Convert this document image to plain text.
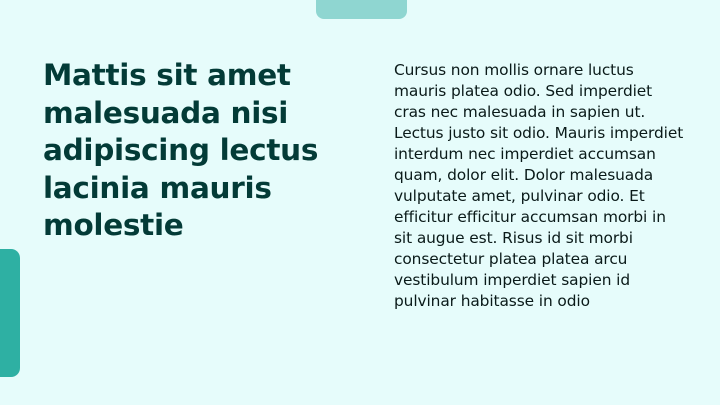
Mattis sit amet malesuada nisi adipiscing lectus lacinia mauris molestie

Cursus non mollis ornare luctus mauris platea odio. Sed imperdiet cras nec malesuada in sapien ut. Lectus justo sit odio. Mauris imperdiet interdum nec imperdiet accumsan quam, dolor elit. Dolor malesuada vulputate amet, pulvinar odio. Et efficitur efficitur accumsan morbi in sit augue est. Risus id sit morbi consectetur platea platea arcu vestibulum imperdiet sapien id pulvinar habitasse in odio
